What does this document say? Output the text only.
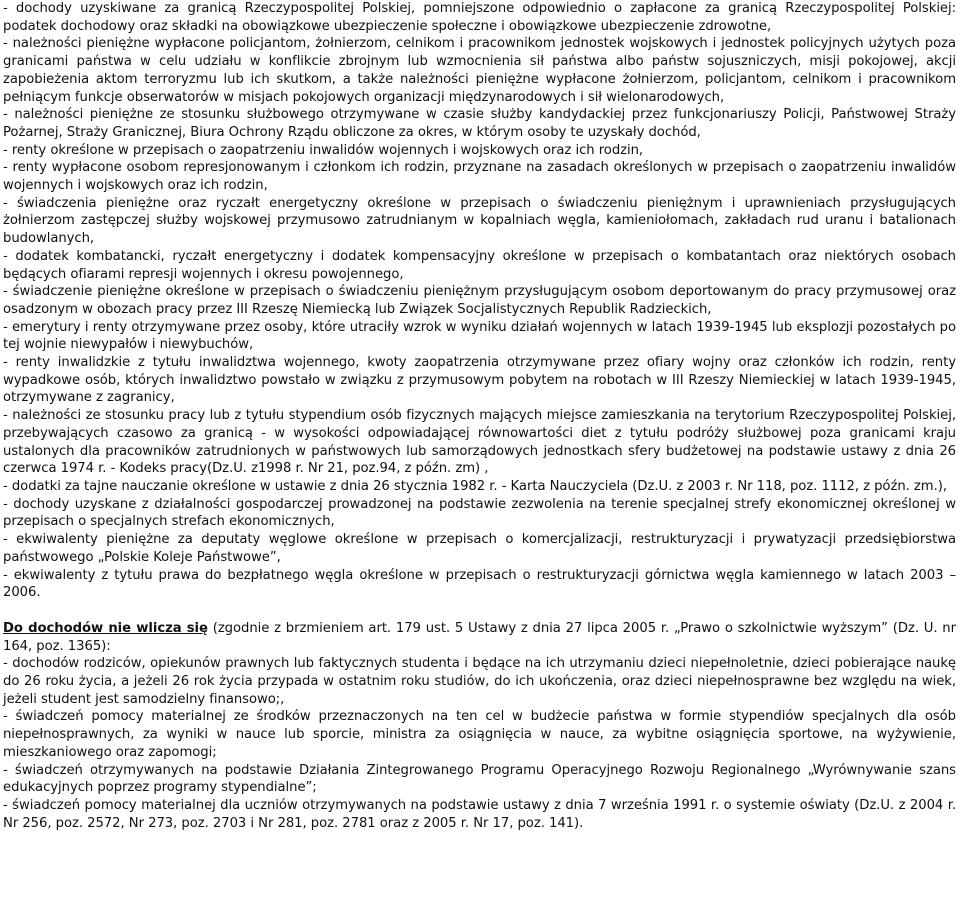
- dochody uzyskiwane za granicą Rzeczypospolitej Polskiej, pomniejszone odpowiednio o zapłacone za granicą Rzeczypospolitej Polskiej: podatek dochodowy oraz składki na obowiązkowe ubezpieczenie społeczne i obowiązkowe ubezpieczenie zdrowotne,

- należności pieniężne wypłacone policjantom, żołnierzom, celnikom i pracownikom jednostek wojskowych i jednostek policyjnych użytych poza granicami państwa w celu udziału w konflikcie zbrojnym lub wzmocnienia sił państwa albo państw sojuszniczych, misji pokojowej, akcji zapobieżenia aktom terroryzmu lub ich skutkom, a także należności pieniężne wypłacone żołnierzom, policjantom, celnikom i pracownikom pełniącym funkcje obserwatorów w misjach pokojowych organizacji międzynarodowych i sił wielonarodowych,

- należności pieniężne ze stosunku służbowego otrzymywane w czasie służby kandydackiej przez funkcjonariuszy Policji, Państwowej Straży Pożarnej, Straży Granicznej, Biura Ochrony Rządu obliczone za okres, w którym osoby te uzyskały dochód,

- renty określone w przepisach o zaopatrzeniu inwalidów wojennych i wojskowych oraz ich rodzin,

- renty wypłacone osobom represjonowanym i członkom ich rodzin, przyznane na zasadach określonych w przepisach o zaopatrzeniu inwalidów wojennych i wojskowych oraz ich rodzin,

- świadczenia pieniężne oraz ryczałt energetyczny określone w przepisach o świadczeniu pieniężnym i uprawnieniach przysługujących żołnierzom zastępczej służby wojskowej przymusowo zatrudnianym w kopalniach węgla, kamieniołomach, zakładach rud uranu i batalionach budowlanych,

- dodatek kombatancki, ryczałt energetyczny i dodatek kompensacyjny określone w przepisach o kombatantach oraz niektórych osobach będących ofiarami represji wojennych i okresu powojennego,

- świadczenie pieniężne określone w przepisach o świadczeniu pieniężnym przysługującym osobom deportowanym do pracy przymusowej oraz osadzonym w obozach pracy przez III Rzeszę Niemiecką lub Związek Socjalistycznych Republik Radzieckich,

- emerytury i renty otrzymywane przez osoby, które utraciły wzrok w wyniku działań wojennych w latach 1939-1945 lub eksplozji pozostałych po tej wojnie niewypałów i niewybuchów,

- renty inwalidzkie z tytułu inwalidztwa wojennego, kwoty zaopatrzenia otrzymywane przez ofiary wojny oraz członków ich rodzin, renty wypadkowe osób, których inwalidztwo powstało w związku z przymusowym pobytem na robotach w III Rzeszy Niemieckiej w latach 1939-1945, otrzymywane z zagranicy,

- należności ze stosunku pracy lub z tytułu stypendium osób fizycznych mających miejsce zamieszkania na terytorium Rzeczypospolitej Polskiej, przebywających czasowo za granicą - w wysokości odpowiadającej równowartości diet z tytułu podróży służbowej poza granicami kraju ustalonych dla pracowników zatrudnionych w państwowych lub samorządowych jednostkach sfery budżetowej na podstawie ustawy z dnia 26 czerwca 1974 r. - Kodeks pracy(Dz.U. z1998 r. Nr 21, poz.94, z późn. zm) ,

- dodatki za tajne nauczanie określone w ustawie z dnia 26 stycznia 1982 r. - Karta Nauczyciela (Dz.U. z 2003 r. Nr 118, poz. 1112, z późn. zm.),

- dochody uzyskane z działalności gospodarczej prowadzonej na podstawie zezwolenia na terenie specjalnej strefy ekonomicznej określonej w przepisach o specjalnych strefach ekonomicznych,

- ekwiwalenty pieniężne za deputaty węglowe określone w przepisach o komercjalizacji, restrukturyzacji i prywatyzacji przedsiębiorstwa państwowego „Polskie Koleje Państwowe”,

- ekwiwalenty z tytułu prawa do bezpłatnego węgla określone w przepisach o restrukturyzacji górnictwa węgla kamiennego w latach 2003 – 2006.

Do dochodów nie wlicza się (zgodnie z brzmieniem art. 179 ust. 5 Ustawy z dnia 27 lipca 2005 r. „Prawo o szkolnictwie wyższym” (Dz. U. nr 164, poz. 1365):

- dochodów rodziców, opiekunów prawnych lub faktycznych studenta i będące na ich utrzymaniu dzieci niepełnoletnie, dzieci pobierające naukę do 26 roku życia, a jeżeli 26 rok życia przypada w ostatnim roku studiów, do ich ukończenia, oraz dzieci niepełnosprawne bez względu na wiek, jeżeli student jest samodzielny finansowo;,

- świadczeń pomocy materialnej ze środków przeznaczonych na ten cel w budżecie państwa w formie stypendiów specjalnych dla osób niepełnosprawnych, za wyniki w nauce lub sporcie, ministra za osiągnięcia w nauce, za wybitne osiągnięcia sportowe, na wyżywienie, mieszkaniowego oraz zapomogi;

- świadczeń otrzymywanych na podstawie Działania Zintegrowanego Programu Operacyjnego Rozwoju Regionalnego „Wyrównywanie szans edukacyjnych poprzez programy stypendialne”;

- świadczeń pomocy materialnej dla uczniów otrzymywanych na podstawie ustawy z dnia 7 września 1991 r. o systemie oświaty (Dz.U. z 2004 r. Nr 256, poz. 2572, Nr 273, poz. 2703 i Nr 281, poz. 2781 oraz z 2005 r. Nr 17, poz. 141).
